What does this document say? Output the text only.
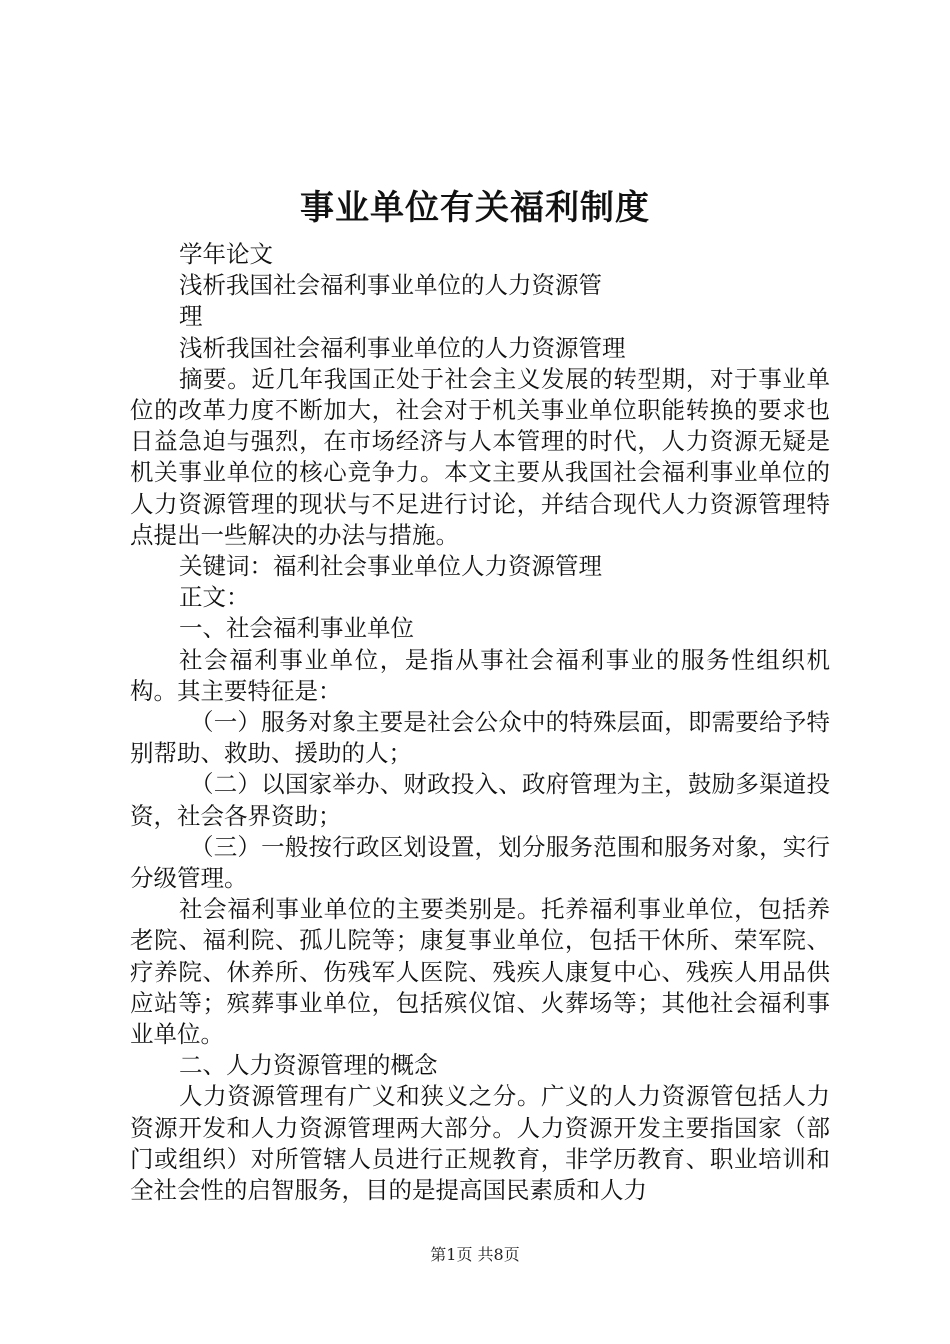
事业单位有关福利制度

学年论文

浅析我国社会福利事业单位的人力资源管

理

浅析我国社会福利事业单位的人力资源管理

摘要。近几年我国正处于社会主义发展的转型期，对于事业单位的改革力度不断加大，社会对于机关事业单位职能转换的要求也日益急迫与强烈，在市场经济与人本管理的时代，人力资源无疑是机关事业单位的核心竞争力。本文主要从我国社会福利事业单位的人力资源管理的现状与不足进行讨论，并结合现代人力资源管理特点提出一些解决的办法与措施。

关键词：福利社会事业单位人力资源管理

正文：

一、社会福利事业单位

社会福利事业单位，是指从事社会福利事业的服务性组织机构。其主要特征是：

（一）服务对象主要是社会公众中的特殊层面，即需要给予特别帮助、救助、援助的人；

（二）以国家举办、财政投入、政府管理为主，鼓励多渠道投资，社会各界资助；

（三）一般按行政区划设置，划分服务范围和服务对象，实行分级管理。

社会福利事业单位的主要类别是。托养福利事业单位，包括养老院、福利院、孤儿院等；康复事业单位，包括干休所、荣军院、疗养院、休养所、伤残军人医院、残疾人康复中心、残疾人用品供应站等；殡葬事业单位，包括殡仪馆、火葬场等；其他社会福利事业单位。

二、人力资源管理的概念

人力资源管理有广义和狭义之分。广义的人力资源管包括人力资源开发和人力资源管理两大部分。人力资源开发主要指国家（部门或组织）对所管辖人员进行正规教育，非学历教育、职业培训和全社会性的启智服务，目的是提高国民素质和人力

第1页 共8页
